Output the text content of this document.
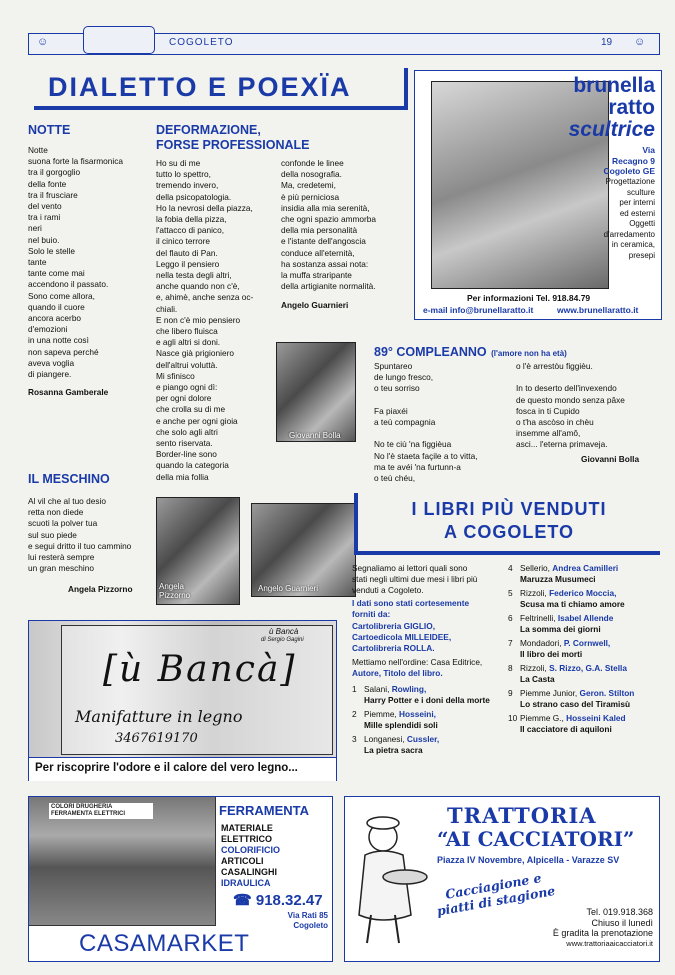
☺	COGOLETO	19 ☺
DIALETTO E POEXÏA
NOTTE
Notte
suona forte la fisarmonica
tra il gorgoglio
della fonte
tra il frusciare
del vento
tra i rami
neri
nel buio.
Solo le stelle
tante
tante come mai
accendono il passato.
Sono come allora,
quando il cuore
ancora acerbo
d'emozioni
in una notte così
non sapeva perché
aveva voglia
di piangere.
Rosanna Gamberale
DEFORMAZIONE,
FORSE PROFESSIONALE
Ho su di me
tutto lo spettro,
tremendo invero,
della psicopatologia.
Ho la nevrosi della piazza,
la fobia della pizza,
l'attacco di panico,
il cinico terrore
del flauto di Pan.
Leggo il pensiero
nella testa degli altri,
anche quando non c'è,
e, ahimè, anche senza oc-
chiali.
E non c'è mio pensiero
che libero fluisca
e agli altri si doni.
Nasce già prigioniero
dell'altrui voluttà.
Mi sfinisco
e piango ogni dì:
per ogni dolore
che crolla su di me
e anche per ogni gioia
che solo agli altri
sento riservata.
Border-line sono
quando la categoria
della mia follia
confonde le linee
della nosografia.
Ma, credetemi,
è più perniciosa
insidia alla mia serenità,
che ogni spazio ammorba
della mia personalità
e l'istante dell'angoscia
conduce all'eternità,
ha sostanza assai nota:
la muffa straripante
della artigianite normalità.
Angelo Guarnieri
Giovanni Bolla
brunella
ratto
scultrice
Via
Recagno 9
Cogoleto GE
Progettazione
sculture
per interni
ed esterni
Oggetti
d'arredamento
in ceramica,
presepi
Per informazioni Tel. 918.84.79
e-mail info@brunellaratto.it	www.brunellaratto.it
89° COMPLEANNO (l'amore non ha età)
Spuntareo
de lungo fresco,
o teu sorriso

Fa piaxéi
a teù compagnia

No te ciù 'na figgièua
No l'è staeta façile a to vitta,
ma te avéi 'na furtunn-a
o teù chéu,
o l'è arrestòu figgièu.

In to deserto dell'invexendo
de questo mondo senza pâxe
fosca in ti Cupido
o t'ha ascòso in chèu
insemme all'amô,
asci... l'eterna primaveja.
Giovanni Bolla
IL MESCHINO
Al vil che al tuo desio
retta non diede
scuoti la polver tua
sul suo piede
e segui dritto il tuo cammino
lui resterà sempre
un gran meschino
Angela Pizzorno	Angela
Pizzorno
Angelo Guarnieri
I LIBRI PIÙ VENDUTI
A COGOLETO
Segnaliamo ai lettori quali sono
stati negli ultimi due mesi i libri più
venduti a Cogoleto.
I dati sono stati cortesemente
forniti da:
Cartolibreria GIGLIO,
Cartoedicola MILLEIDEE,
Cartolibreria ROLLA.
Mettiamo nell'ordine: Casa Editrice,
Autore, Titolo del libro.
1 Salani, Rowling,
Harry Potter e i doni della morte
2 Piemme, Hosseini,
Mille splendidi soli
3 Longanesi, Cussler,
La pietra sacra
4 Sellerio, Andrea Camilleri
Maruzza Musumeci
5 Rizzoli, Federico Moccia,
Scusa ma ti chiamo amore
6 Feltrinelli, Isabel Allende
La somma dei giorni
7 Mondadori, P. Cornwell,
Il libro dei morti
8 Rizzoli, S. Rizzo, G.A. Stella
La Casta
9 Piemme Junior, Geron. Stilton
Lo strano caso del Tiramisù
10 Piemme G., Hosseini Kaled
Il cacciatore di aquiloni
ù Bancà
di Sergio Gagini
[ù Bancà]
Manifatture in legno
3467619170
Per riscoprire l'odore e il calore del vero legno...
COLORI DRUGHERIA
FERRAMENTA ELETTRICI	FERRAMENTA
MATERIALE
ELETTRICO
COLORIFICIO
ARTICOLI
CASALINGHI
IDRAULICA
☎ 918.32.47
Via Rati 85
Cogoleto
CASAMARKET
TRATTORIA
“AI CACCIATORI”
Piazza IV Novembre, Alpicella - Varazze SV
Cacciagione e
piatti di stagione	Tel. 019.918.368
Chiuso il lunedì
È gradita la prenotazione
www.trattoriaaicacciatori.it
